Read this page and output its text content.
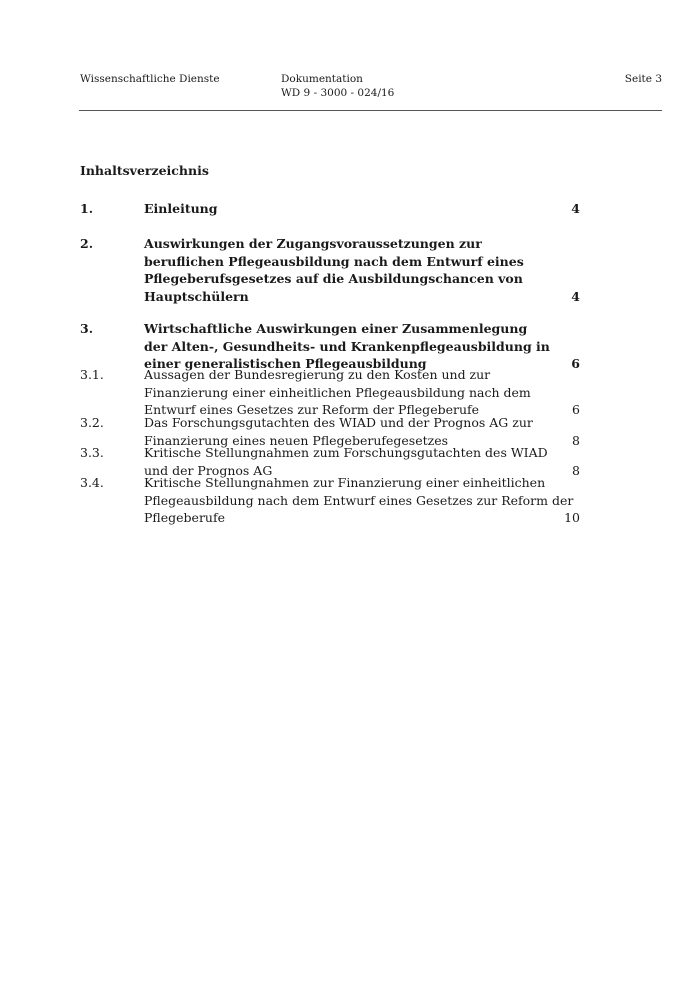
Wissenschaftliche Dienste	Dokumentation
WD 9 - 3000 - 024/16
Seite 3
Inhaltsverzeichnis
1.	Einleitung	4
2.	Auswirkungen der Zugangsvoraussetzungen zur
beruflichen Pflegeausbildung nach dem Entwurf eines
Pflegeberufsgesetzes auf die Ausbildungschancen von
Hauptschülern	4
3.	Wirtschaftliche Auswirkungen einer Zusammenlegung
der Alten-, Gesundheits- und Krankenpflegeausbildung in
einer generalistischen Pflegeausbildung	6
3.1.	Aussagen der Bundesregierung zu den Kosten und zur
Finanzierung einer einheitlichen Pflegeausbildung nach dem
Entwurf eines Gesetzes zur Reform der Pflegeberufe	6
3.2.	Das Forschungsgutachten des WIAD und der Prognos AG zur
Finanzierung eines neuen Pflegeberufegesetzes	8
3.3.	Kritische Stellungnahmen zum Forschungsgutachten des WIAD
und der Prognos AG	8
3.4.	Kritische Stellungnahmen zur Finanzierung einer einheitlichen
Pflegeausbildung nach dem Entwurf eines Gesetzes zur Reform der
Pflegeberufe	10
